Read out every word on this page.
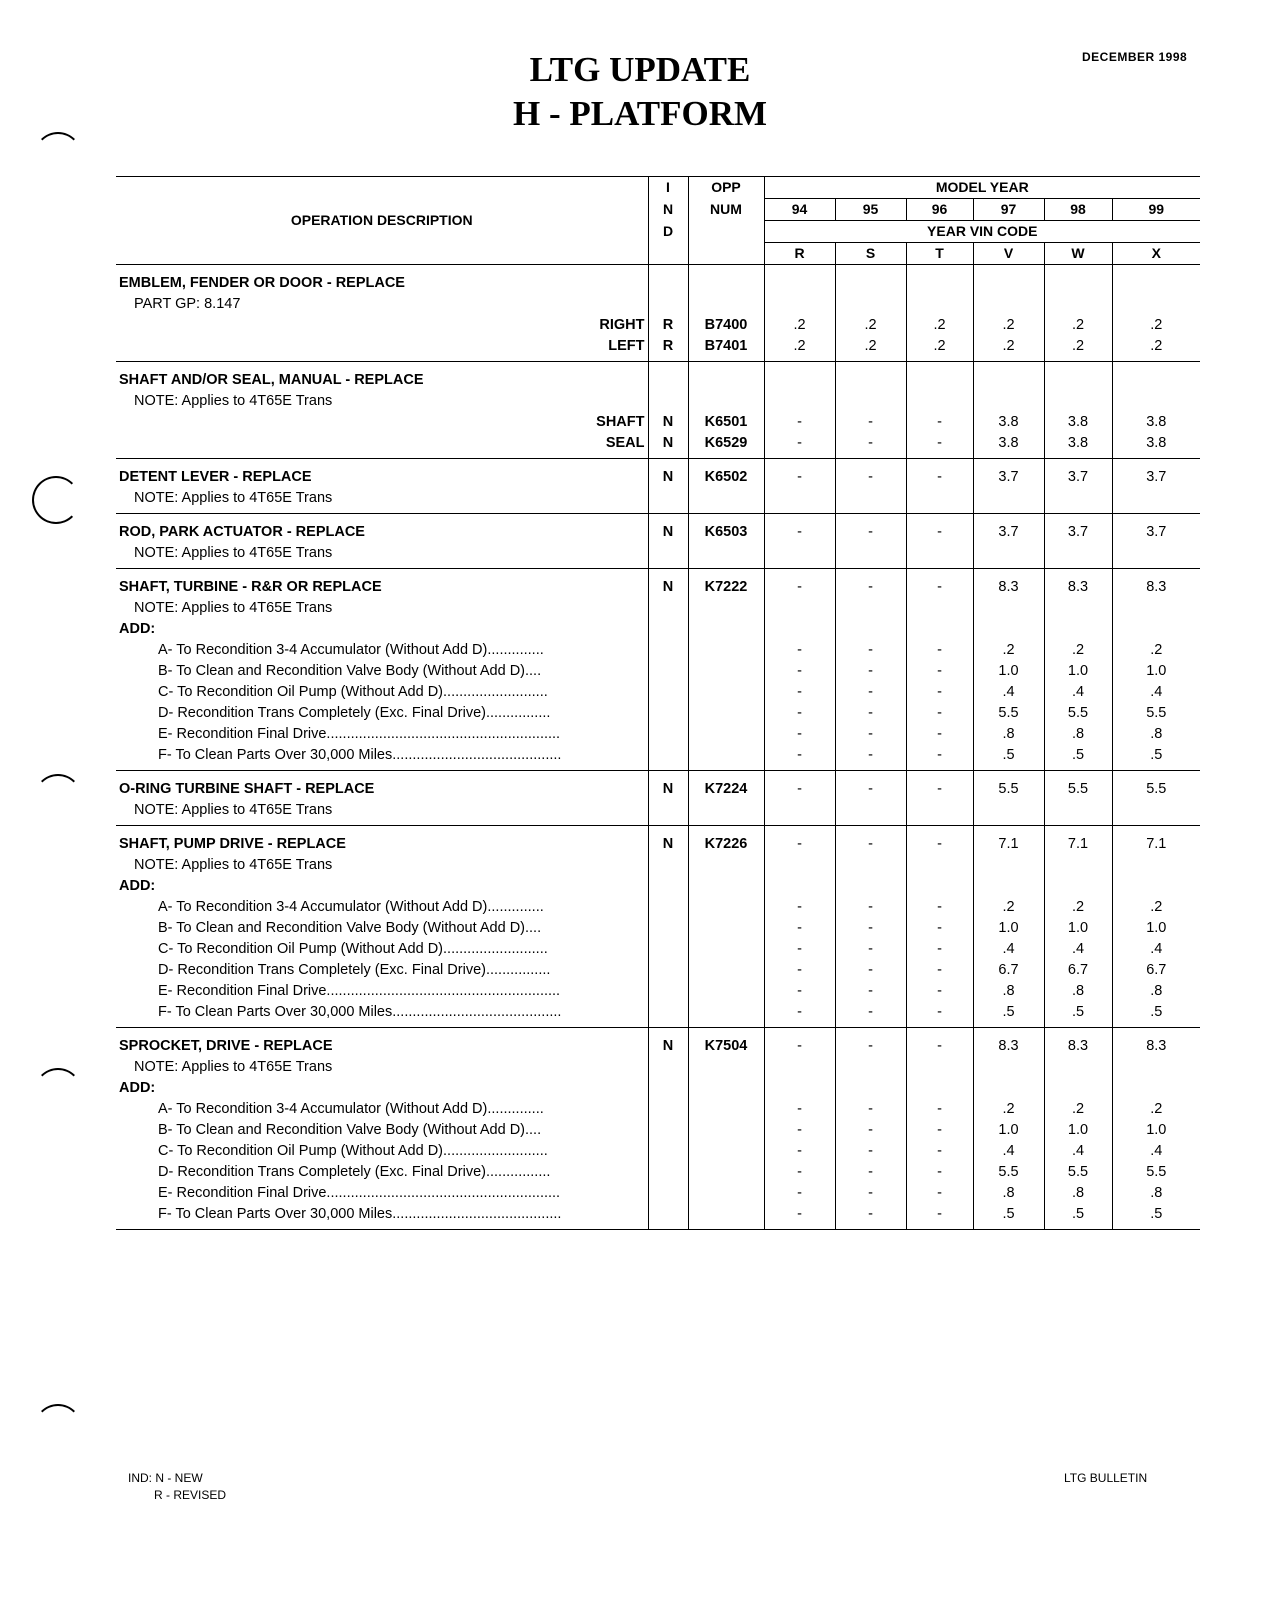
LTG UPDATE
H - PLATFORM
DECEMBER 1998
OPERATION DESCRIPTION	I	OPP	MODEL YEAR					
	N	NUM	94	95	96	97	98	99
	D		YEAR VIN CODE					
			R	S	T	V	W	X

EMBLEM, FENDER OR DOOR - REPLACE								
PART GP: 8.147								
RIGHT	R	B7400	.2	.2	.2	.2	.2	.2
LEFT	R	B7401	.2	.2	.2	.2	.2	.2

SHAFT AND/OR SEAL, MANUAL - REPLACE								
NOTE: Applies to 4T65E Trans								
SHAFT	N	K6501	-	-	-	3.8	3.8	3.8
SEAL	N	K6529	-	-	-	3.8	3.8	3.8

DETENT LEVER - REPLACE	N	K6502	-	-	-	3.7	3.7	3.7
NOTE: Applies to 4T65E Trans								

ROD, PARK ACTUATOR - REPLACE	N	K6503	-	-	-	3.7	3.7	3.7
NOTE: Applies to 4T65E Trans								

SHAFT, TURBINE - R&R OR REPLACE	N	K7222	-	-	-	8.3	8.3	8.3
NOTE: Applies to 4T65E Trans								
ADD:								
A- To Recondition 3-4 Accumulator (Without Add D)..............			-	-	-	.2	.2	.2
B- To Clean and Recondition Valve Body (Without Add D)....			-	-	-	1.0	1.0	1.0
C- To Recondition Oil Pump (Without Add D)..........................			-	-	-	.4	.4	.4
D- Recondition Trans Completely (Exc. Final Drive)................			-	-	-	5.5	5.5	5.5
E- Recondition Final Drive..........................................................			-	-	-	.8	.8	.8
F- To Clean Parts Over 30,000 Miles..........................................			-	-	-	.5	.5	.5

O-RING TURBINE SHAFT - REPLACE	N	K7224	-	-	-	5.5	5.5	5.5
NOTE: Applies to 4T65E Trans								

SHAFT, PUMP DRIVE - REPLACE	N	K7226	-	-	-	7.1	7.1	7.1
NOTE: Applies to 4T65E Trans								
ADD:								
A- To Recondition 3-4 Accumulator (Without Add D)..............			-	-	-	.2	.2	.2
B- To Clean and Recondition Valve Body (Without Add D)....			-	-	-	1.0	1.0	1.0
C- To Recondition Oil Pump (Without Add D)..........................			-	-	-	.4	.4	.4
D- Recondition Trans Completely (Exc. Final Drive)................			-	-	-	6.7	6.7	6.7
E- Recondition Final Drive..........................................................			-	-	-	.8	.8	.8
F- To Clean Parts Over 30,000 Miles..........................................			-	-	-	.5	.5	.5

SPROCKET, DRIVE - REPLACE	N	K7504	-	-	-	8.3	8.3	8.3
NOTE: Applies to 4T65E Trans								
ADD:								
A- To Recondition 3-4 Accumulator (Without Add D)..............			-	-	-	.2	.2	.2
B- To Clean and Recondition Valve Body (Without Add D)....			-	-	-	1.0	1.0	1.0
C- To Recondition Oil Pump (Without Add D)..........................			-	-	-	.4	.4	.4
D- Recondition Trans Completely (Exc. Final Drive)................			-	-	-	5.5	5.5	5.5
E- Recondition Final Drive..........................................................			-	-	-	.8	.8	.8
F- To Clean Parts Over 30,000 Miles..........................................			-	-	-	.5	.5	.5

IND: N - NEW
R - REVISED
LTG BULLETIN
